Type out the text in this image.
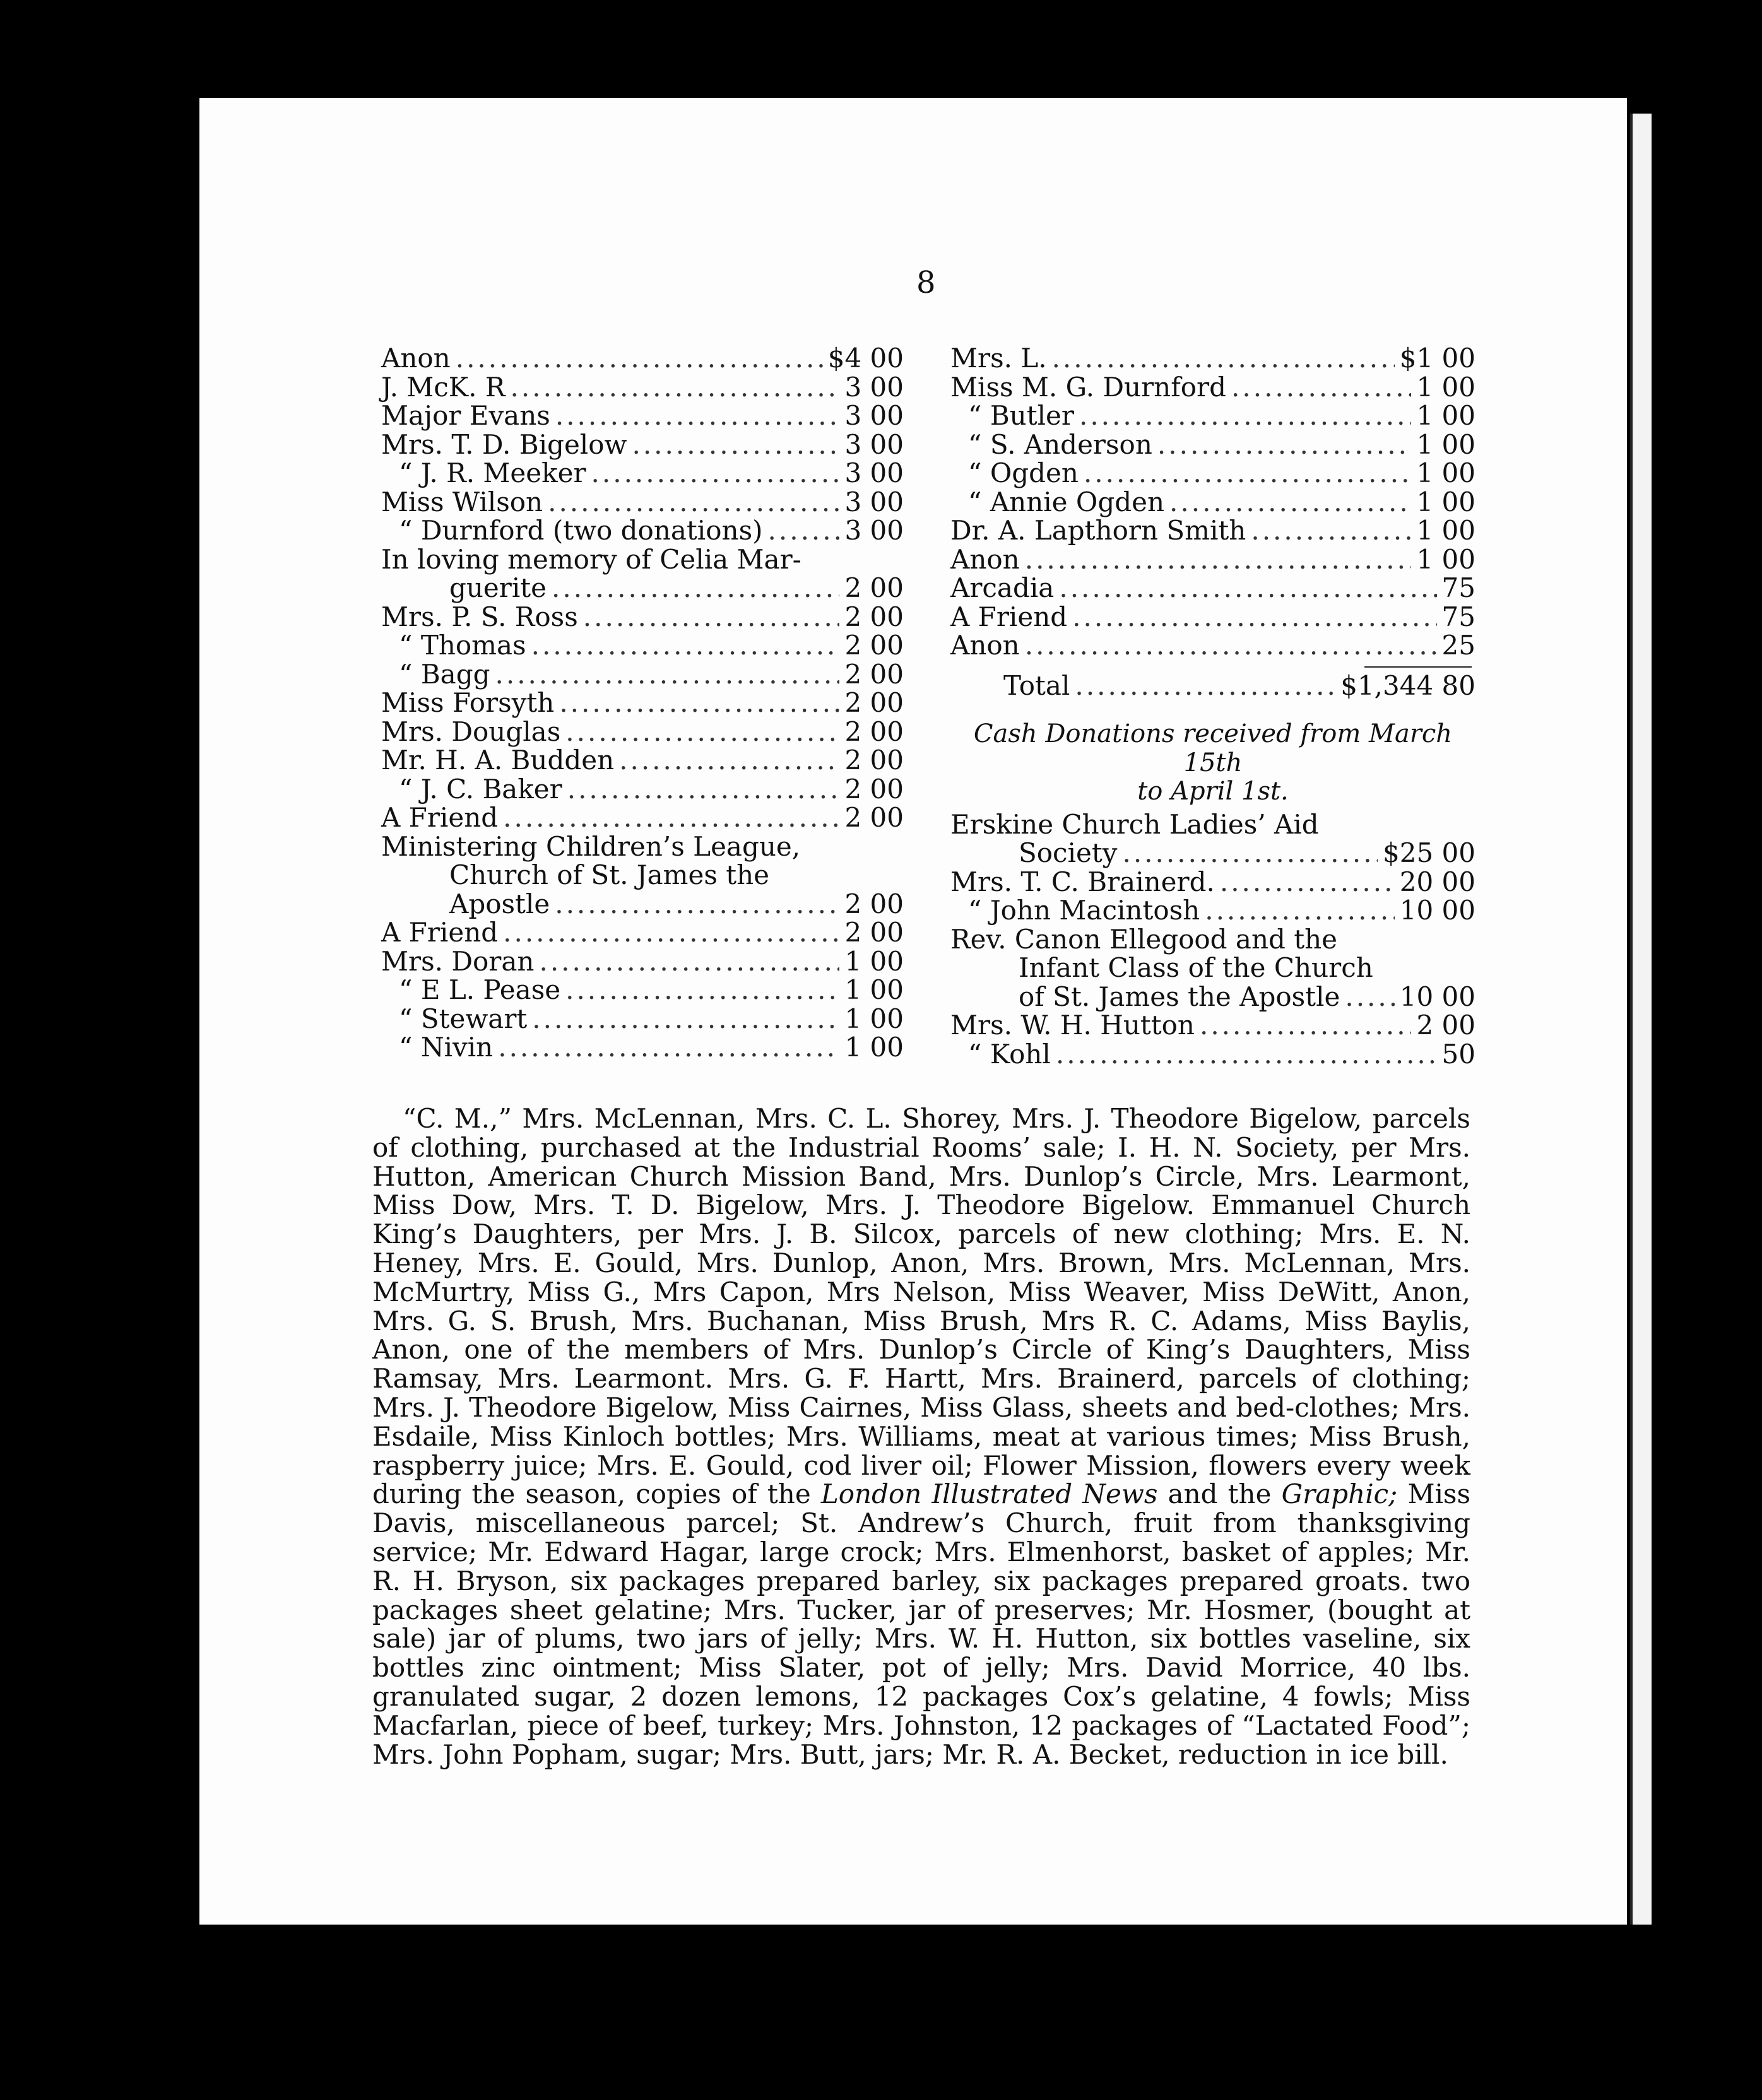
8
Anon .....	$4 00
J. McK. R .....	3 00
Major Evans .....	3 00
Mrs. T. D. Bigelow .....	3 00
“ J. R. Meeker .....	3 00
Miss Wilson .....	3 00
“ Durnford (two donations) .....	3 00
In loving memory of Celia Mar-
guerite .....	2 00
Mrs. P. S. Ross .....	2 00
“ Thomas .....	2 00
“ Bagg .....	2 00
Miss Forsyth .....	2 00
Mrs. Douglas .....	2 00
Mr. H. A. Budden .....	2 00
“ J. C. Baker .....	2 00
A Friend .....	2 00
Ministering Children’s League,
Church of St. James the
Apostle .....	2 00
A Friend .....	2 00
Mrs. Doran .....	1 00
“ E L. Pease .....	1 00
“ Stewart .....	1 00
“ Nivin .....	1 00
Mrs. L. .....	$1 00
Miss M. G. Durnford .....	1 00
“ Butler .....	1 00
“ S. Anderson .....	1 00
“ Ogden .....	1 00
“ Annie Ogden .....	1 00
Dr. A. Lapthorn Smith .....	1 00
Anon .....	1 00
Arcadia .....	75
A Friend .....	75
Anon .....	25
Total .....	$1,344 80
Cash Donations received from March 15th
to April 1st.
Erskine Church Ladies’ Aid
Society .....	$25 00
Mrs. T. C. Brainerd. .....	20 00
“ John Macintosh .....	10 00
Rev. Canon Ellegood and the
Infant Class of the Church
of St. James the Apostle ..... 10 00
Mrs. W. H. Hutton .....	2 00
“ Kohl .....	50
“C. M.,” Mrs. McLennan, Mrs. C. L. Shorey, Mrs. J. Theodore Bigelow, parcels of clothing, purchased at the Industrial Rooms’ sale; I. H. N. Society, per Mrs. Hutton, American Church Mission Band, Mrs. Dunlop’s Circle, Mrs. Learmont, Miss Dow, Mrs. T. D. Bigelow, Mrs. J. Theodore Bigelow. Emmanuel Church King’s Daughters, per Mrs. J. B. Silcox, parcels of new clothing; Mrs. E. N. Heney, Mrs. E. Gould, Mrs. Dunlop, Anon, Mrs. Brown, Mrs. McLennan, Mrs. McMurtry, Miss G., Mrs Capon, Mrs Nelson, Miss Weaver, Miss DeWitt, Anon, Mrs. G. S. Brush, Mrs. Buchanan, Miss Brush, Mrs R. C. Adams, Miss Baylis, Anon, one of the members of Mrs. Dunlop’s Circle of King’s Daughters, Miss Ramsay, Mrs. Learmont. Mrs. G. F. Hartt, Mrs. Brainerd, parcels of clothing; Mrs. J. Theodore Bigelow, Miss Cairnes, Miss Glass, sheets and bed-clothes; Mrs. Esdaile, Miss Kinloch bottles; Mrs. Williams, meat at various times; Miss Brush, raspberry juice; Mrs. E. Gould, cod liver oil; Flower Mission, flowers every week during the season, copies of the London Illustrated News and the Graphic; Miss Davis, miscellaneous parcel; St. Andrew’s Church, fruit from thanksgiving service; Mr. Edward Hagar, large crock; Mrs. Elmenhorst, basket of apples; Mr. R. H. Bryson, six packages prepared barley, six packages prepared groats. two packages sheet gelatine; Mrs. Tucker, jar of preserves; Mr. Hosmer, (bought at sale) jar of plums, two jars of jelly; Mrs. W. H. Hutton, six bottles vaseline, six bottles zinc ointment; Miss Slater, pot of jelly; Mrs. David Morrice, 40 lbs. granulated sugar, 2 dozen lemons, 12 packages Cox’s gelatine, 4 fowls; Miss Macfarlan, piece of beef, turkey; Mrs. Johnston, 12 packages of “Lactated Food”; Mrs. John Popham, sugar; Mrs. Butt, jars; Mr. R. A. Becket, reduction in ice bill.
